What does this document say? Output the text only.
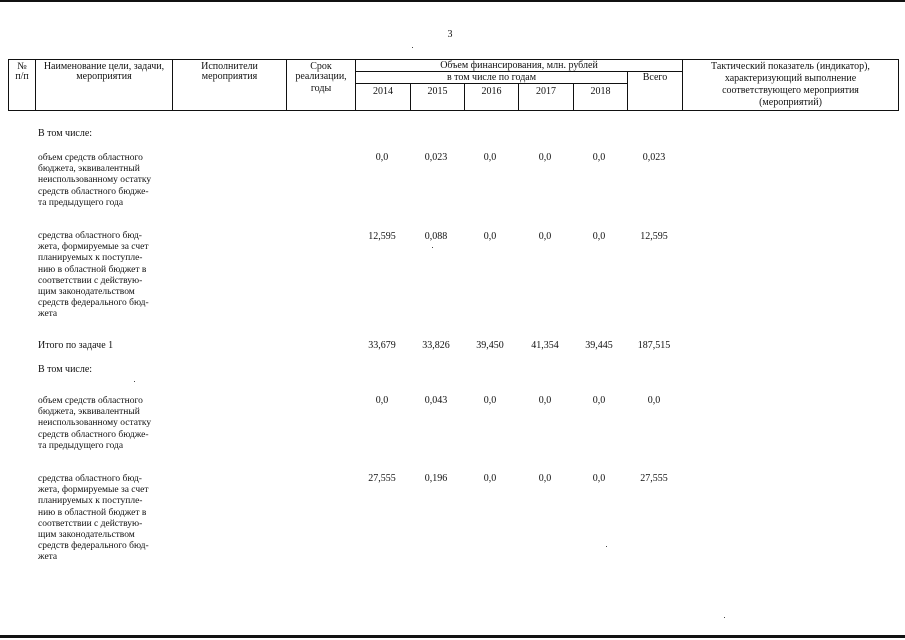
3
№
п/п
Наименование цели, задачи,
мероприятия
Исполнители
мероприятия
Срок
реализации,
годы
Объем финансирования, млн. рублей
в том числе по годам
2014	2015	2016	2017	2018
Всего
Тактический показатель (индикатор),
характеризующий выполнение
соответствующего мероприятия
(мероприятий)
В том числе:
объем средств областного
бюджета, эквивалентный
неиспользованному остатку
средств областного бюдже-
та предыдущего года
0,0	0,023	0,0	0,0	0,0	0,023
средства областного бюд-
жета, формируемые за счет
планируемых к поступле-
нию в областной бюджет в
соответствии с действую-
щим законодательством
средств федерального бюд-
жета
12,595	0,088	0,0	0,0	0,0	12,595
Итого по задаче 1	33,679	33,826	39,450	41,354	39,445	187,515
В том числе:
объем средств областного
бюджета, эквивалентный
неиспользованному остатку
средств областного бюдже-
та предыдущего года
0,0	0,043	0,0	0,0	0,0	0,0
средства областного бюд-
жета, формируемые за счет
планируемых к поступле-
нию в областной бюджет в
соответствии с действую-
щим законодательством
средств федерального бюд-
жета
27,555	0,196	0,0	0,0	0,0	27,555
